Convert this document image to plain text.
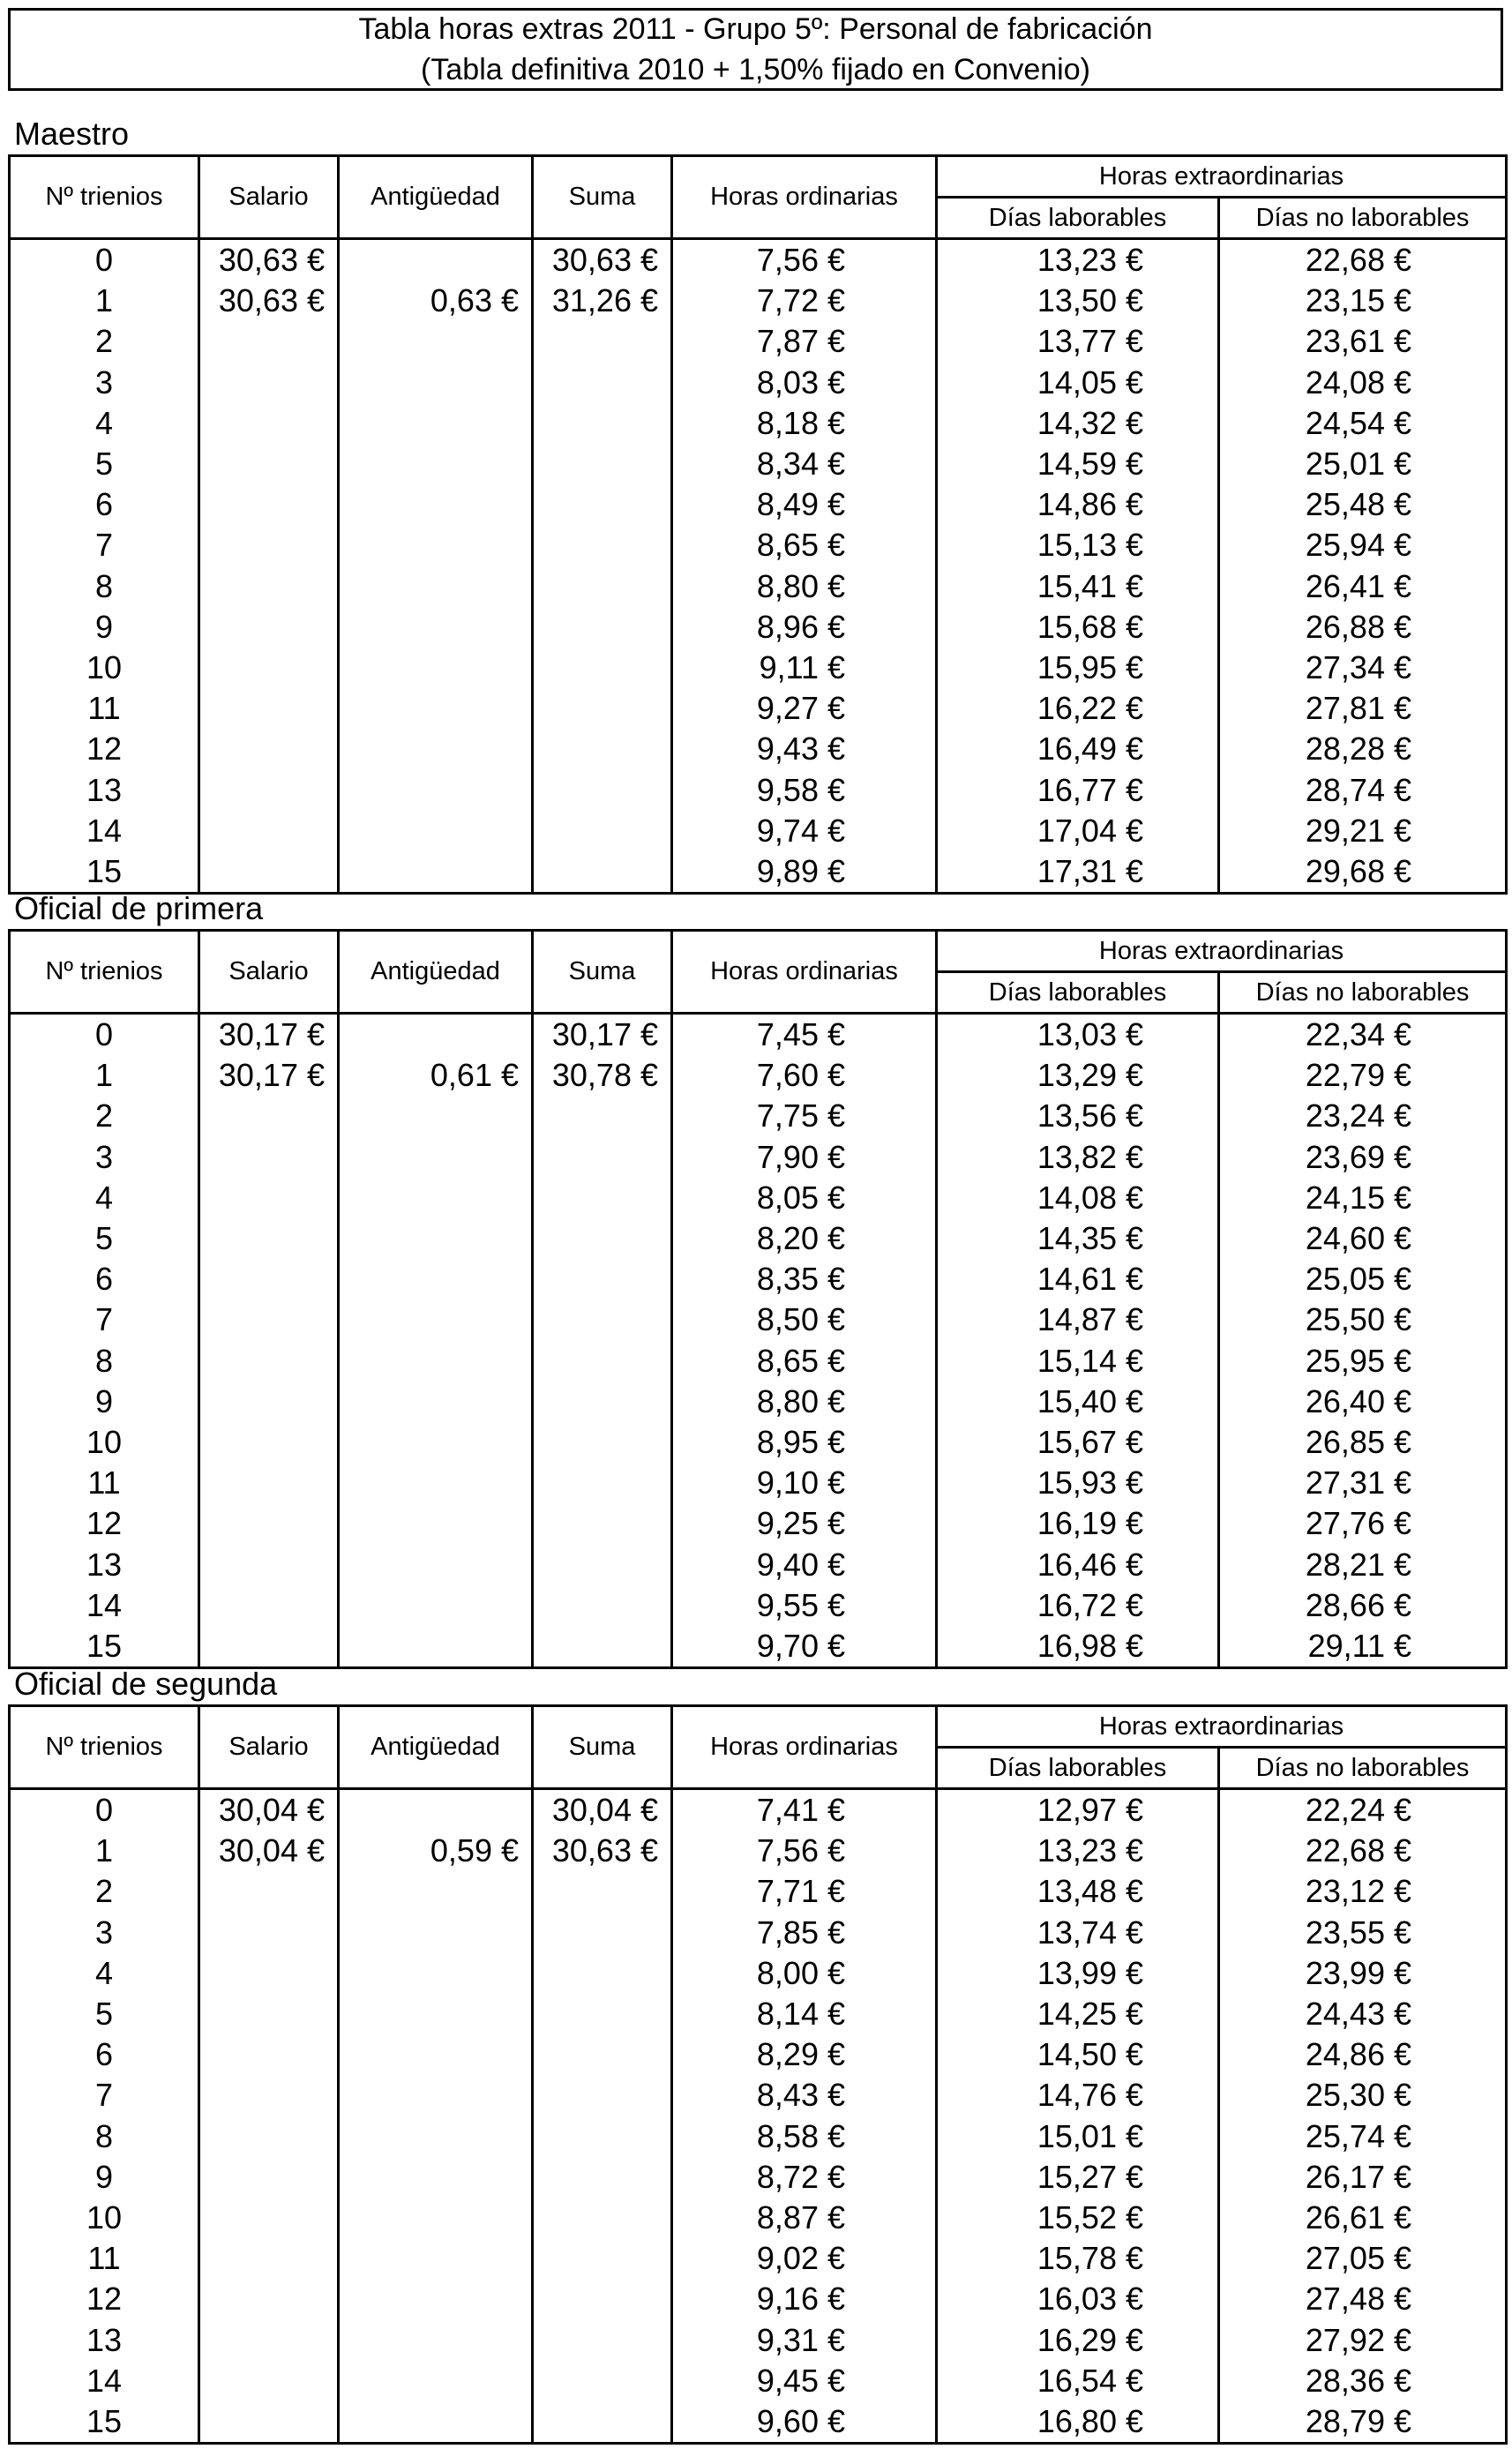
Tabla horas extras 2011 - Grupo 5º: Personal de fabricación
(Tabla definitiva 2010 + 1,50% fijado en Convenio)
Maestro
Nº trienios	Salario	Antigüedad	Suma	Horas ordinarias	Horas extraordinarias	
					Días laborables	Días no laborables
0	30,63 €		30,63 €	7,56 €	13,23 €	22,68 €
1	30,63 €	0,63 €	31,26 €	7,72 €	13,50 €	23,15 €
2				7,87 €	13,77 €	23,61 €
3				8,03 €	14,05 €	24,08 €
4				8,18 €	14,32 €	24,54 €
5				8,34 €	14,59 €	25,01 €
6				8,49 €	14,86 €	25,48 €
7				8,65 €	15,13 €	25,94 €
8				8,80 €	15,41 €	26,41 €
9				8,96 €	15,68 €	26,88 €
10				9,11 €	15,95 €	27,34 €
11				9,27 €	16,22 €	27,81 €
12				9,43 €	16,49 €	28,28 €
13				9,58 €	16,77 €	28,74 €
14				9,74 €	17,04 €	29,21 €
15				9,89 €	17,31 €	29,68 €
Oficial de primera
Nº trienios	Salario	Antigüedad	Suma	Horas ordinarias	Horas extraordinarias	
					Días laborables	Días no laborables
0	30,17 €		30,17 €	7,45 €	13,03 €	22,34 €
1	30,17 €	0,61 €	30,78 €	7,60 €	13,29 €	22,79 €
2				7,75 €	13,56 €	23,24 €
3				7,90 €	13,82 €	23,69 €
4				8,05 €	14,08 €	24,15 €
5				8,20 €	14,35 €	24,60 €
6				8,35 €	14,61 €	25,05 €
7				8,50 €	14,87 €	25,50 €
8				8,65 €	15,14 €	25,95 €
9				8,80 €	15,40 €	26,40 €
10				8,95 €	15,67 €	26,85 €
11				9,10 €	15,93 €	27,31 €
12				9,25 €	16,19 €	27,76 €
13				9,40 €	16,46 €	28,21 €
14				9,55 €	16,72 €	28,66 €
15				9,70 €	16,98 €	29,11 €
Oficial de segunda
Nº trienios	Salario	Antigüedad	Suma	Horas ordinarias	Horas extraordinarias	
					Días laborables	Días no laborables
0	30,04 €		30,04 €	7,41 €	12,97 €	22,24 €
1	30,04 €	0,59 €	30,63 €	7,56 €	13,23 €	22,68 €
2				7,71 €	13,48 €	23,12 €
3				7,85 €	13,74 €	23,55 €
4				8,00 €	13,99 €	23,99 €
5				8,14 €	14,25 €	24,43 €
6				8,29 €	14,50 €	24,86 €
7				8,43 €	14,76 €	25,30 €
8				8,58 €	15,01 €	25,74 €
9				8,72 €	15,27 €	26,17 €
10				8,87 €	15,52 €	26,61 €
11				9,02 €	15,78 €	27,05 €
12				9,16 €	16,03 €	27,48 €
13				9,31 €	16,29 €	27,92 €
14				9,45 €	16,54 €	28,36 €
15				9,60 €	16,80 €	28,79 €
